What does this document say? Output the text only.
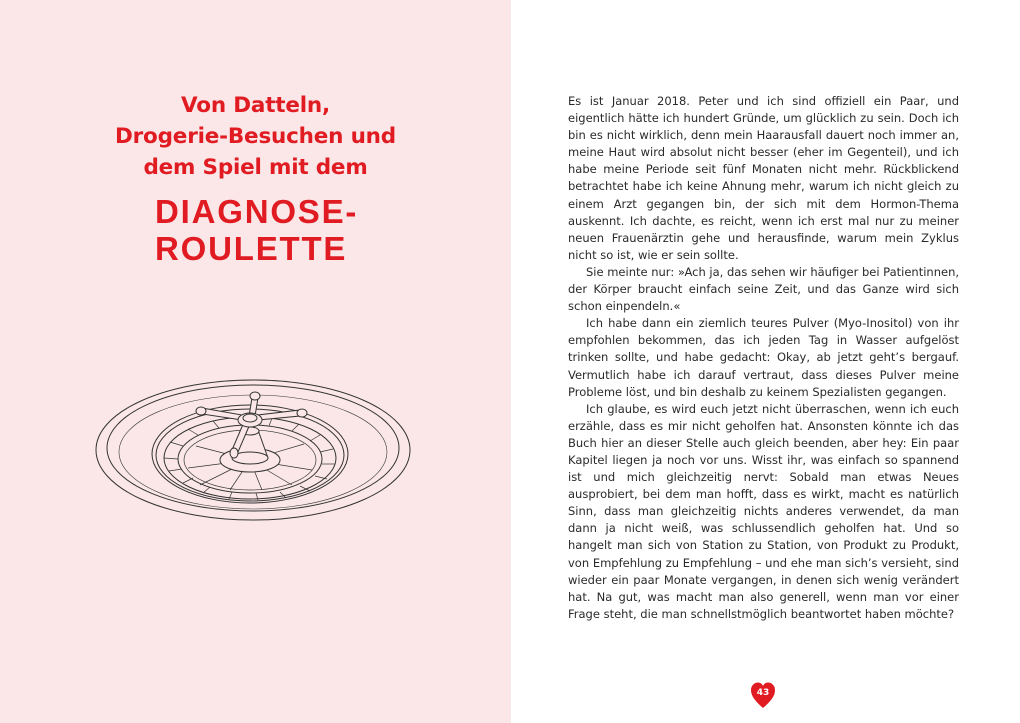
Von Datteln,
Drogerie-Besuchen und
dem Spiel mit dem
DIAGNOSE-
ROULETTE

Es ist Januar 2018. Peter und ich sind offiziell ein Paar, und eigentlich hätte ich hundert Gründe, um glücklich zu sein. Doch ich bin es nicht wirklich, denn mein Haarausfall dauert noch immer an, meine Haut wird absolut nicht besser (eher im Gegenteil), und ich habe meine Periode seit fünf Monaten nicht mehr. Rückblickend betrachtet habe ich keine Ahnung mehr, warum ich nicht gleich zu einem Arzt gegangen bin, der sich mit dem Hormon-Thema auskennt. Ich dachte, es reicht, wenn ich erst mal nur zu meiner neuen Frauenärztin gehe und herausfinde, warum mein Zyklus nicht so ist, wie er sein sollte.

Sie meinte nur: »Ach ja, das sehen wir häufiger bei Patientinnen, der Körper braucht einfach seine Zeit, und das Ganze wird sich schon einpendeln.«

Ich habe dann ein ziemlich teures Pulver (Myo-Inositol) von ihr empfohlen bekommen, das ich jeden Tag in Wasser aufgelöst trinken sollte, und habe gedacht: Okay, ab jetzt geht’s bergauf. Vermutlich habe ich darauf vertraut, dass dieses Pulver meine Probleme löst, und bin deshalb zu keinem Spezialisten gegangen.

Ich glaube, es wird euch jetzt nicht überraschen, wenn ich euch erzähle, dass es mir nicht geholfen hat. Ansonsten könnte ich das Buch hier an dieser Stelle auch gleich beenden, aber hey: Ein paar Kapitel liegen ja noch vor uns. Wisst ihr, was einfach so spannend ist und mich gleichzeitig nervt: Sobald man etwas Neues ausprobiert, bei dem man hofft, dass es wirkt, macht es natürlich Sinn, dass man gleichzeitig nichts anderes verwendet, da man dann ja nicht weiß, was schlussendlich geholfen hat. Und so hangelt man sich von Station zu Station, von Produkt zu Produkt, von Empfehlung zu Empfehlung – und ehe man sich’s versieht, sind wieder ein paar Monate vergangen, in denen sich wenig verändert hat. Na gut, was macht man also generell, wenn man vor einer Frage steht, die man schnellstmöglich beantwortet haben möchte?

43
